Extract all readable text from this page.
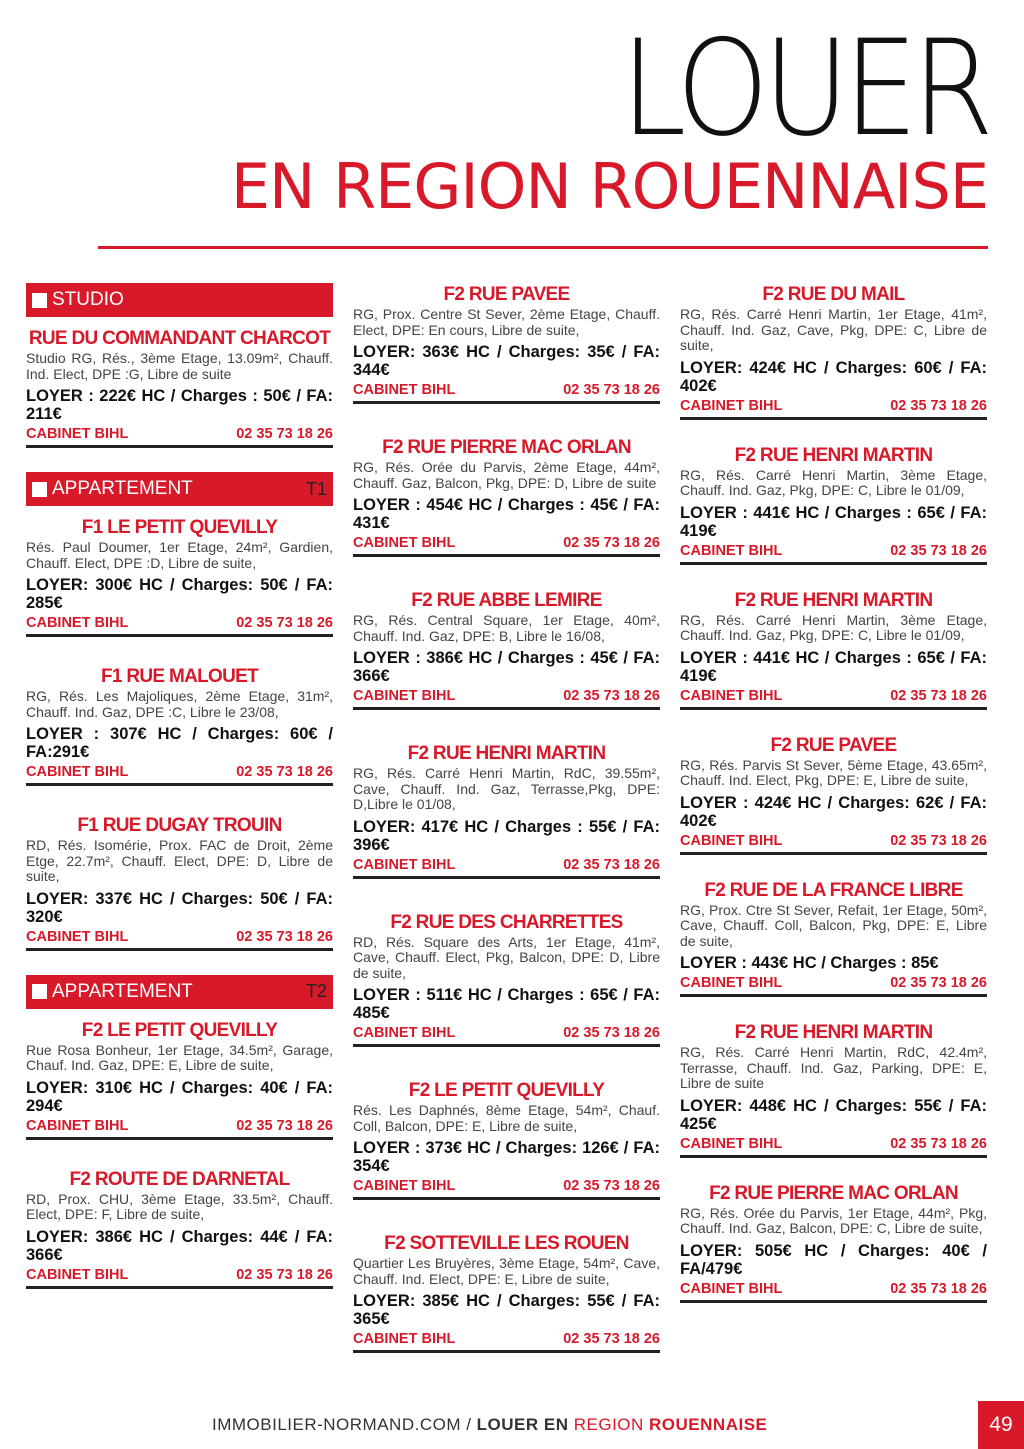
LOUER
EN REGION ROUENNAISE
STUDIO
RUE DU COMMANDANT CHARCOT
Studio RG, Rés., 3ème Etage, 13.09m², Chauff. Ind. Elect, DPE :G, Libre de suite
LOYER : 222€ HC / Charges : 50€ / FA: 211€
CABINET BIHL	02 35 73 18 26
APPARTEMENT	T1
F1 LE PETIT QUEVILLY
Rés. Paul Doumer, 1er Etage, 24m², Gardien, Chauff. Elect, DPE :D, Libre de suite,
LOYER: 300€ HC / Charges: 50€ / FA: 285€
CABINET BIHL	02 35 73 18 26
F1 RUE MALOUET
RG, Rés. Les Majoliques, 2ème Etage, 31m², Chauff. Ind. Gaz, DPE :C, Libre le 23/08,
LOYER : 307€ HC / Charges: 60€ / FA:291€
CABINET BIHL	02 35 73 18 26
F1 RUE DUGAY TROUIN
RD, Rés. Isomérie, Prox. FAC de Droit, 2ème Etge, 22.7m², Chauff. Elect, DPE: D, Libre de suite,
LOYER: 337€ HC / Charges: 50€ / FA: 320€
CABINET BIHL	02 35 73 18 26
APPARTEMENT	T2
F2 LE PETIT QUEVILLY
Rue Rosa Bonheur, 1er Etage, 34.5m², Garage, Chauf. Ind. Gaz, DPE: E, Libre de suite,
LOYER: 310€ HC / Charges: 40€ / FA: 294€
CABINET BIHL	02 35 73 18 26
F2 ROUTE DE DARNETAL
RD, Prox. CHU, 3ème Etage, 33.5m², Chauff. Elect, DPE: F, Libre de suite,
LOYER: 386€ HC / Charges: 44€ / FA: 366€
CABINET BIHL	02 35 73 18 26
F2 RUE PAVEE
RG, Prox. Centre St Sever, 2ème Etage, Chauff. Elect, DPE: En cours, Libre de suite,
LOYER: 363€ HC / Charges: 35€ / FA: 344€
CABINET BIHL	02 35 73 18 26
F2 RUE PIERRE MAC ORLAN
RG, Rés. Orée du Parvis, 2ème Etage, 44m², Chauff. Gaz, Balcon, Pkg, DPE: D, Libre de suite
LOYER : 454€ HC / Charges : 45€ / FA: 431€
CABINET BIHL	02 35 73 18 26
F2 RUE ABBE LEMIRE
RG, Rés. Central Square, 1er Etage, 40m², Chauff. Ind. Gaz, DPE: B, Libre le 16/08,
LOYER : 386€ HC / Charges : 45€ / FA: 366€
CABINET BIHL	02 35 73 18 26
F2 RUE HENRI MARTIN
RG, Rés. Carré Henri Martin, RdC, 39.55m², Cave, Chauff. Ind. Gaz, Terrasse,Pkg, DPE: D,Libre le 01/08,
LOYER: 417€ HC / Charges : 55€ / FA: 396€
CABINET BIHL	02 35 73 18 26
F2 RUE DES CHARRETTES
RD, Rés. Square des Arts, 1er Etage, 41m², Cave, Chauff. Elect, Pkg, Balcon, DPE: D, Libre de suite,
LOYER : 511€ HC / Charges : 65€ / FA: 485€
CABINET BIHL	02 35 73 18 26
F2 LE PETIT QUEVILLY
Rés. Les Daphnés, 8ème Etage, 54m², Chauf. Coll, Balcon, DPE: E, Libre de suite,
LOYER : 373€ HC / Charges: 126€ / FA: 354€
CABINET BIHL	02 35 73 18 26
F2 SOTTEVILLE LES ROUEN
Quartier Les Bruyères, 3ème Etage, 54m², Cave, Chauff. Ind. Elect, DPE: E, Libre de suite,
LOYER: 385€ HC / Charges: 55€ / FA: 365€
CABINET BIHL	02 35 73 18 26
F2 RUE DU MAIL
RG, Rés. Carré Henri Martin, 1er Etage, 41m², Chauff. Ind. Gaz, Cave, Pkg, DPE: C, Libre de suite,
LOYER: 424€ HC / Charges: 60€ / FA: 402€
CABINET BIHL	02 35 73 18 26
F2 RUE HENRI MARTIN
RG, Rés. Carré Henri Martin, 3ème Etage, Chauff. Ind. Gaz, Pkg, DPE: C, Libre le 01/09,
LOYER : 441€ HC / Charges : 65€ / FA: 419€
CABINET BIHL	02 35 73 18 26
F2 RUE HENRI MARTIN
RG, Rés. Carré Henri Martin, 3ème Etage, Chauff. Ind. Gaz, Pkg, DPE: C, Libre le 01/09,
LOYER : 441€ HC / Charges : 65€ / FA: 419€
CABINET BIHL	02 35 73 18 26
F2 RUE PAVEE
RG, Rés. Parvis St Sever, 5ème Etage, 43.65m², Chauff. Ind. Elect, Pkg, DPE: E, Libre de suite,
LOYER : 424€ HC / Charges: 62€ / FA: 402€
CABINET BIHL	02 35 73 18 26
F2 RUE DE LA FRANCE LIBRE
RG, Prox. Ctre St Sever, Refait, 1er Etage, 50m², Cave, Chauff. Coll, Balcon, Pkg, DPE: E, Libre de suite,
LOYER : 443€ HC / Charges : 85€
CABINET BIHL	02 35 73 18 26
F2 RUE HENRI MARTIN
RG, Rés. Carré Henri Martin, RdC, 42.4m², Terrasse, Chauff. Ind. Gaz, Parking, DPE: E, Libre de suite
LOYER: 448€ HC / Charges: 55€ / FA: 425€
CABINET BIHL	02 35 73 18 26
F2 RUE PIERRE MAC ORLAN
RG, Rés. Orée du Parvis, 1er Etage, 44m², Pkg, Chauff. Ind. Gaz, Balcon, DPE: C, Libre de suite,
LOYER: 505€ HC / Charges: 40€ / FA/479€
CABINET BIHL	02 35 73 18 26
IMMOBILIER-NORMAND.COM / LOUER EN REGION ROUENNAISE	49
